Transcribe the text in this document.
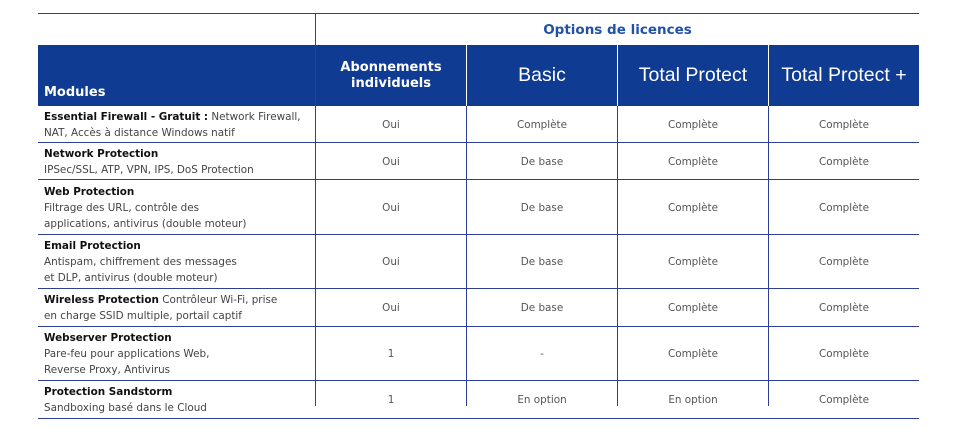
Options de licences
Modules
Abonnements
individuels	Basic	Total Protect	Total Protect +
Essential Firewall - Gratuit : Network Firewall,
NAT, Accès à distance Windows natif
Oui	Complète	Complète	Complète
Network Protection
IPSec/SSL, ATP, VPN, IPS, DoS Protection
Oui	De base	Complète	Complète
Web Protection
Filtrage des URL, contrôle des
applications, antivirus (double moteur)
Oui	De base	Complète	Complète
Email Protection
Antispam, chiffrement des messages
et DLP, antivirus (double moteur)
Oui	De base	Complète	Complète
Wireless Protection Contrôleur Wi-Fi, prise
en charge SSID multiple, portail captif
Oui	De base	Complète	Complète
Webserver Protection
Pare-feu pour applications Web,
Reverse Proxy, Antivirus
1	-	Complète	Complète
Protection Sandstorm
Sandboxing basé dans le Cloud
1	En option	En option	Complète
